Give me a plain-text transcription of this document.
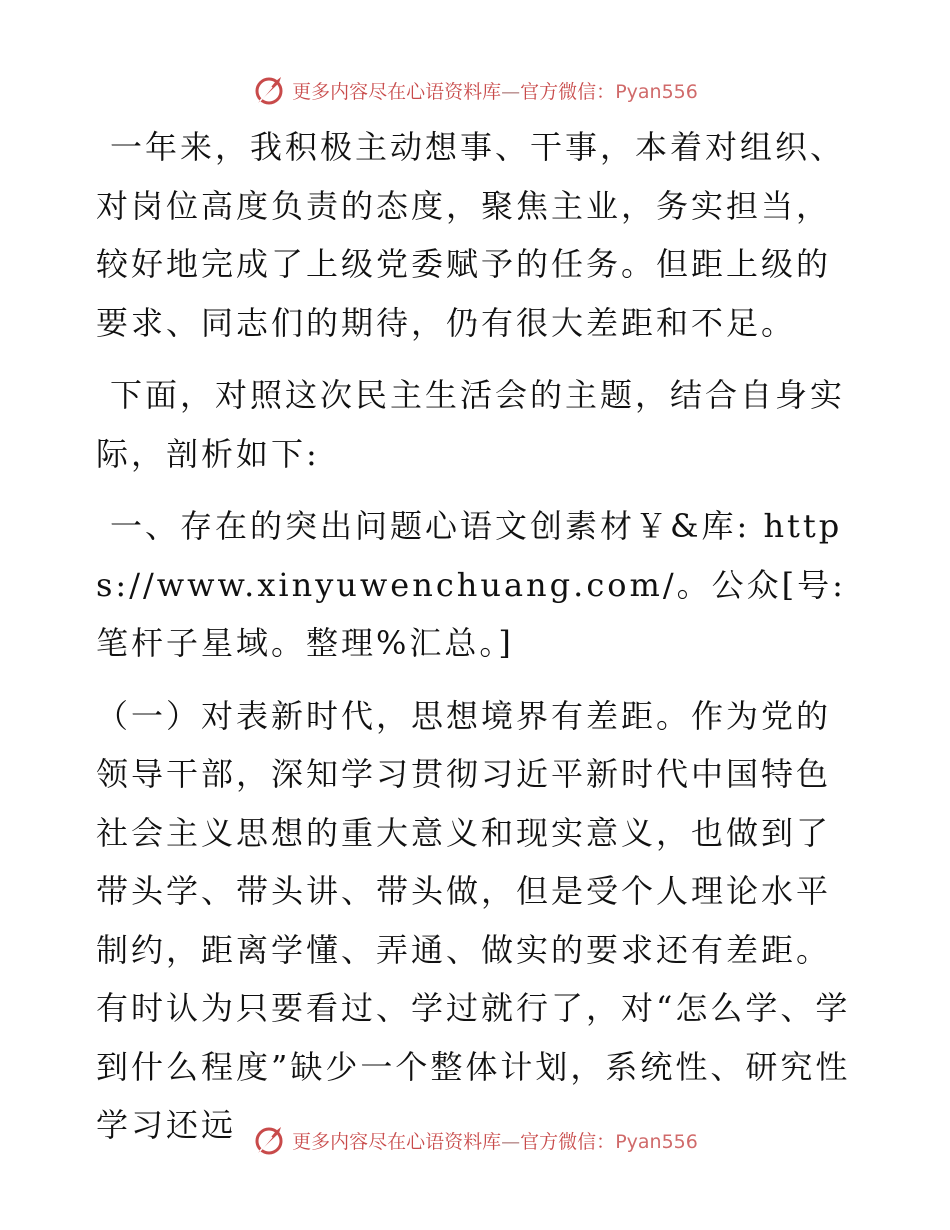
更多内容尽在心语资料库—官方微信：Pyan556

一年来，我积极主动想事、干事，本着对组织、对岗位高度负责的态度，聚焦主业，务实担当，较好地完成了上级党委赋予的任务。但距上级的要求、同志们的期待，仍有很大差距和不足。

下面，对照这次民主生活会的主题，结合自身实际，剖析如下:

一、存在的突出问题心语文创素材￥&库: https://www.xinyuwenchuang.com/。公众[号: 笔杆子星域。整理%汇总。]

（一）对表新时代，思想境界有差距。作为党的领导干部，深知学习贯彻习近平新时代中国特色社会主义思想的重大意义和现实意义，也做到了带头学、带头讲、带头做，但是受个人理论水平制约，距离学懂、弄通、做实的要求还有差距。有时认为只要看过、学过就行了，对“怎么学、学到什么程度”缺少一个整体计划，系统性、研究性学习还远	更多内容尽在心语资料库—官方微信：Pyan556
